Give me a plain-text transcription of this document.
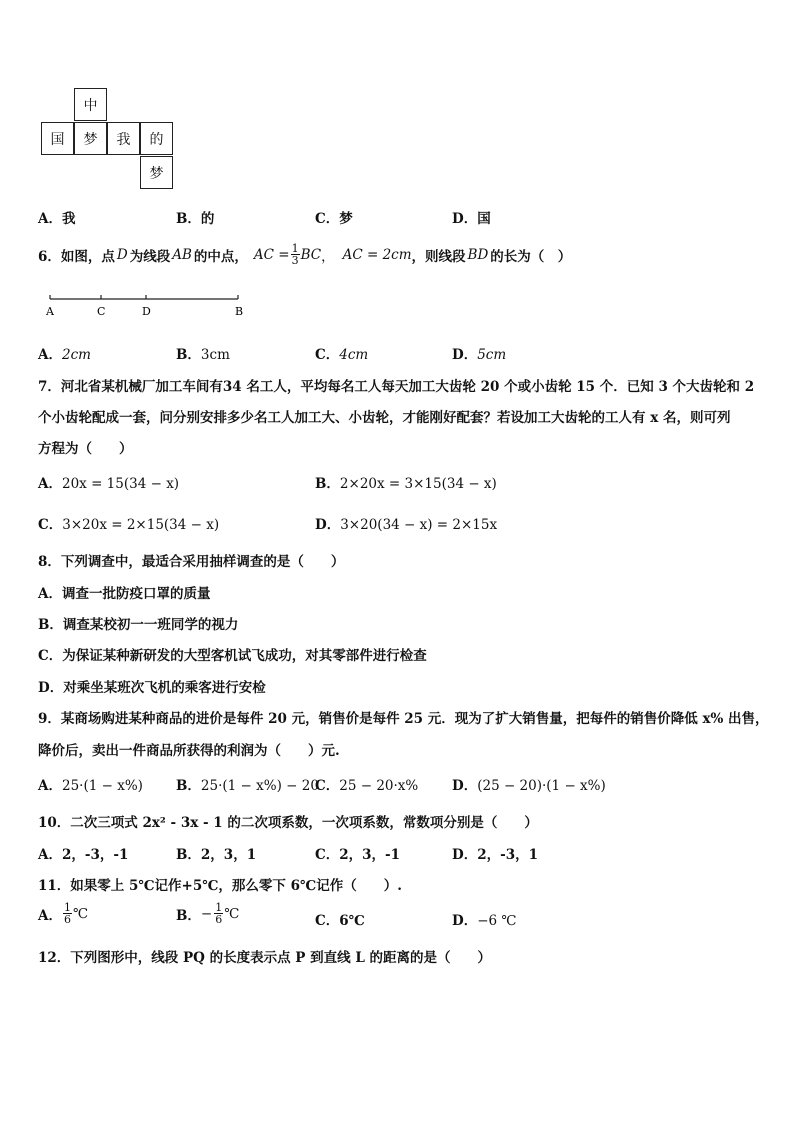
中
国	梦	我	的
梦
A．我	B．的	C．梦	D．国
6．如图，点 D 为线段 AB 的中点， AC = $\frac{1}{3}$ BC ， AC = 2cm ，则线段 BD 的长为（　）
A	C	D	B
A．2cm	B．3cm	C．4cm	D．5cm
7．河北省某机械厂加工车间有34 名工人，平均每名工人每天加工大齿轮 20 个或小齿轮 15 个．已知 3 个大齿轮和 2
个小齿轮配成一套，问分别安排多少名工人加工大、小齿轮，才能刚好配套？若设加工大齿轮的工人有 x 名，则可列
方程为（　　）
A．20x = 15(34 − x)	B．2×20x = 3×15(34 − x)
C．3×20x = 2×15(34 − x)	D．3×20(34 − x) = 2×15x
8．下列调查中，最适合采用抽样调查的是（　　）
A．调查一批防疫口罩的质量
B．调查某校初一一班同学的视力
C．为保证某种新研发的大型客机试飞成功，对其零部件进行检查
D．对乘坐某班次飞机的乘客进行安检
9．某商场购进某种商品的进价是每件 20 元，销售价是每件 25 元．现为了扩大销售量，把每件的销售价降低 x% 出售，
降价后，卖出一件商品所获得的利润为（　　）元.
A．25·(1 − x%) B．25·(1 − x%) − 20
C．25 − 20·x%	D．(25 − 20)·(1 − x%)
10．二次三项式 2x² - 3x - 1 的二次项系数，一次项系数，常数项分别是（　　）
A．2，-3，-1	B．2，3，1	C．2，3，-1	D．2，-3，1
11．如果零上 5℃记作+5℃，那么零下 6℃记作（　　）.
A． $\frac{1}{6}$ ℃	B． − $\frac{1}{6}$ ℃	C．6℃	D．−6 ℃
12．下列图形中，线段 PQ 的长度表示点 P 到直线 L 的距离的是（　　）
